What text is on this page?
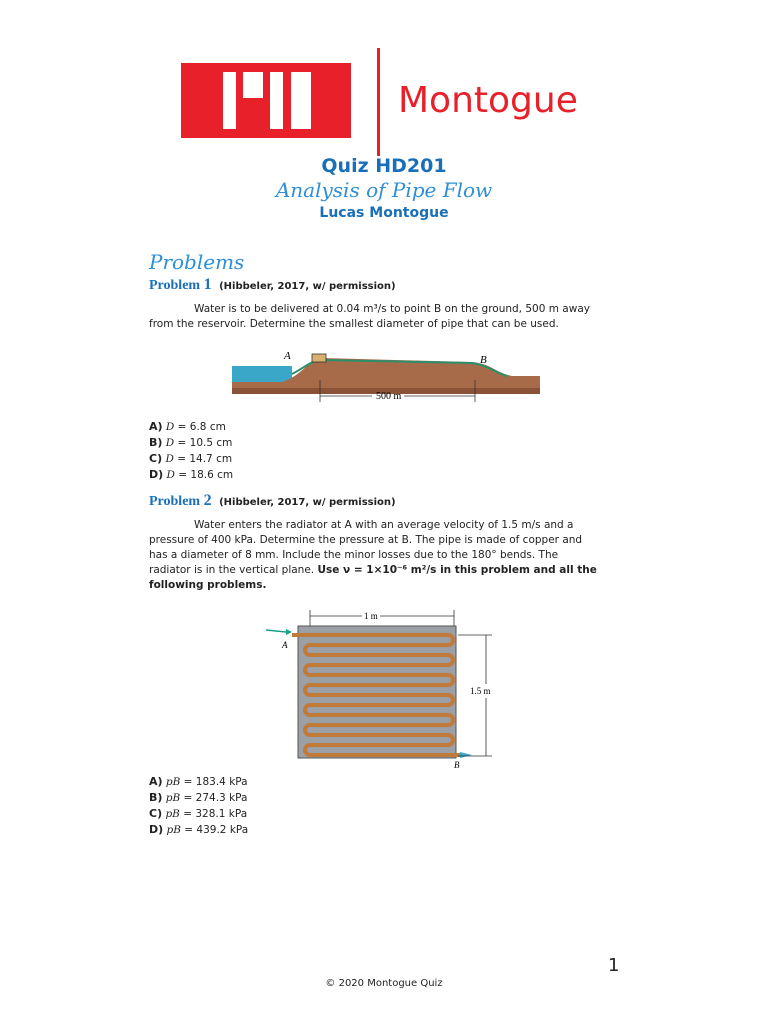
Montogue
Quiz HD201
Analysis of Pipe Flow
Lucas Montogue
Problems
Problem 1 (Hibbeler, 2017, w/ permission)
Water is to be delivered at 0.04 m³/s to point B on the ground, 500 m away
from the reservoir. Determine the smallest diameter of pipe that can be used.
A	B
500 m
A) D = 6.8 cm
B) D = 10.5 cm
C) D = 14.7 cm
D) D = 18.6 cm
Problem 2 (Hibbeler, 2017, w/ permission)
Water enters the radiator at A with an average velocity of 1.5 m/s and a
pressure of 400 kPa. Determine the pressure at B. The pipe is made of copper and
has a diameter of 8 mm. Include the minor losses due to the 180° bends. The
radiator is in the vertical plane. Use ν = 1×10⁻⁶ m²/s in this problem and all the
following problems.
1 m
1.5 m
A
B
A) pB = 183.4 kPa
B) pB = 274.3 kPa
C) pB = 328.1 kPa
D) pB = 439.2 kPa
1
© 2020 Montogue Quiz
